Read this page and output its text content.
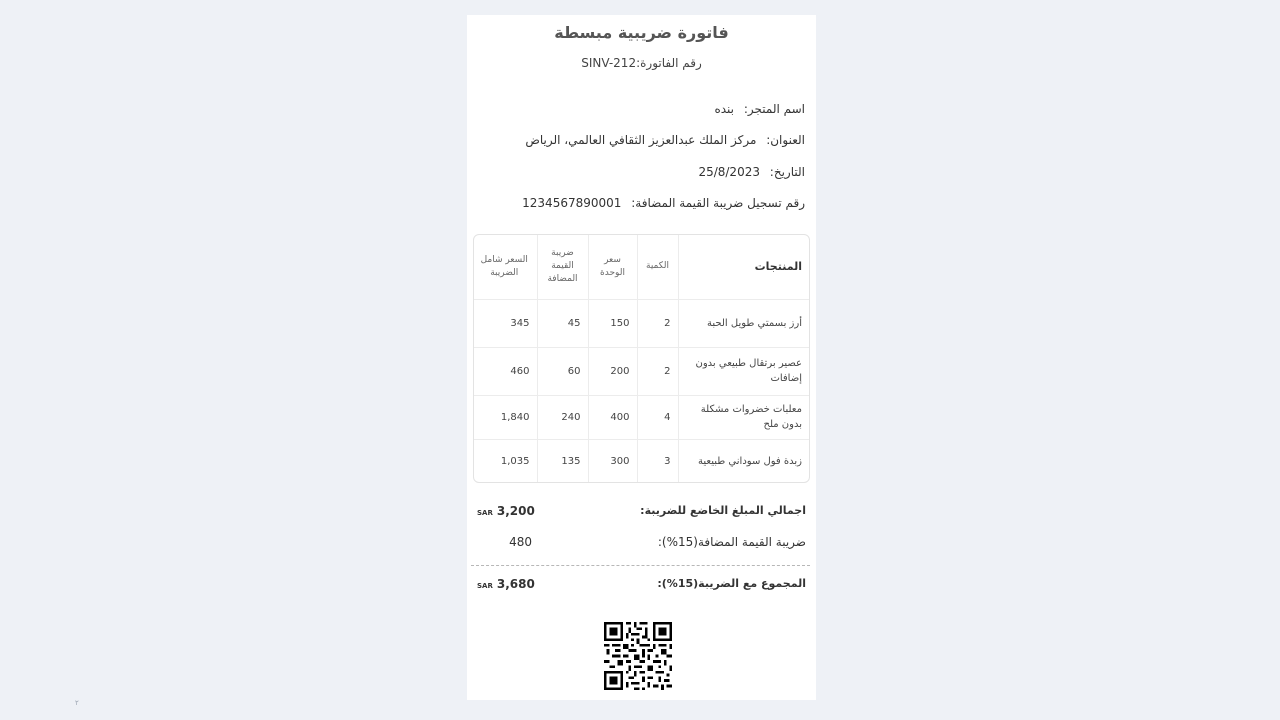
٢
فاتورة ضريبية مبسطة
رقم الفاتورة:SINV-212
اسم المتجر: بنده
العنوان: مركز الملك عبدالعزيز الثقافي العالمي، الرياض
التاريخ: 25/8/2023
رقم تسجيل ضريبة القيمة المضافة: 1234567890001
المنتجات	الكمية	سعر الوحدة	ضريبة القيمة المضافة	السعر شامل الضريبة
أرز بسمتي طويل الحبة	2	150	45	345
عصير برتقال طبيعي بدون إضافات	2	200	60	460
معلبات خضروات مشكلة بدون ملح	4	400	240	1,840
زبدة فول سوداني طبيعية	3	300	135	1,035
اجمالي المبلغ الخاضع للضريبة:
SAR 3,200
ضريبة القيمة المضافة(15%):
480
المجموع مع الضريبة(15%):
SAR 3,680
